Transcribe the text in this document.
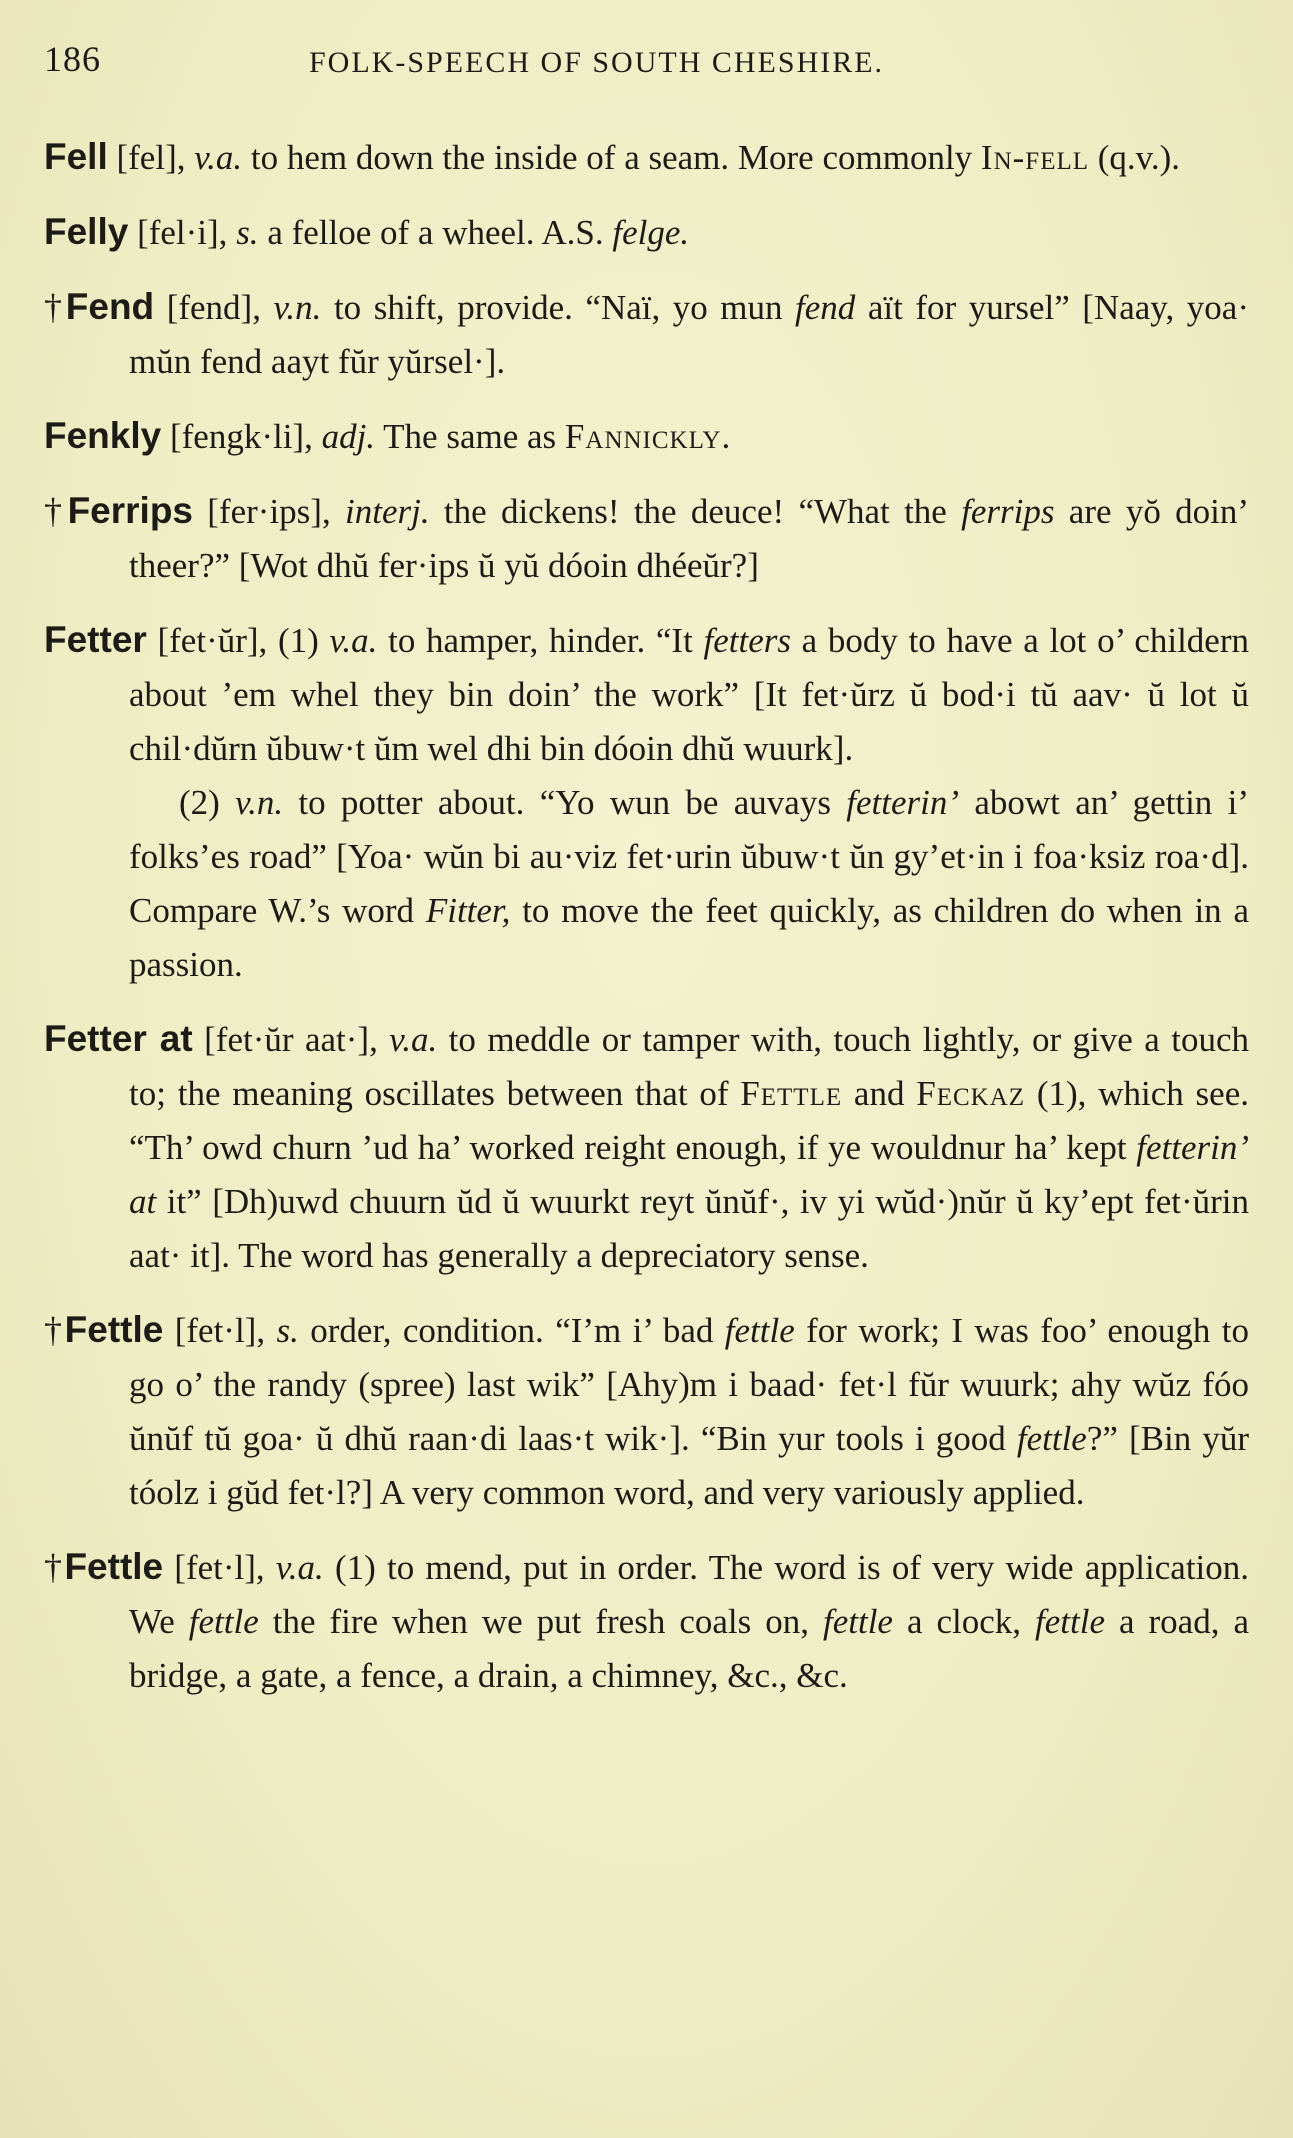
186	FOLK-SPEECH OF SOUTH CHESHIRE.

Fell [fel], v.a. to hem down the inside of a seam. More commonly In-fell (q.v.).

Felly [fel·i], s. a felloe of a wheel. A.S. felge.

†Fend [fend], v.n. to shift, provide. “Naï, yo mun fend aït for yursel” [Naay, yoa· mŭn fend aayt fŭr yŭrsel·].

Fenkly [fengk·li], adj. The same as Fannickly.

†Ferrips [fer·ips], interj. the dickens! the deuce! “What the ferrips are yŏ doin’ theer?” [Wot dhŭ fer·ips ŭ yŭ dóoin dhéeŭr?]

Fetter [fet·ŭr], (1) v.a. to hamper, hinder. “It fetters a body to have a lot o’ childern about ’em whel they bin doin’ the work” [It fet·ŭrz ŭ bod·i tŭ aav· ŭ lot ŭ chil·dŭrn ŭbuw·t ŭm wel dhi bin dóoin dhŭ wuurk].

(2) v.n. to potter about. “Yo wun be auvays fetterin’ abowt an’ gettin i’ folks’es road” [Yoa· wŭn bi au·viz fet·urin ŭbuw·t ŭn gy’et·in i foa·ksiz roa·d]. Compare W.’s word Fitter, to move the feet quickly, as children do when in a passion.

Fetter at [fet·ŭr aat·], v.a. to meddle or tamper with, touch lightly, or give a touch to; the meaning oscillates between that of Fettle and Feckaz (1), which see. “Th’ owd churn ’ud ha’ worked reight enough, if ye wouldnur ha’ kept fetterin’ at it” [Dh)uwd chuurn ŭd ŭ wuurkt reyt ŭnŭf·, iv yi wŭd·)nŭr ŭ ky’ept fet·ŭrin aat· it]. The word has generally a depreciatory sense.

†Fettle [fet·l], s. order, condition. “I’m i’ bad fettle for work; I was foo’ enough to go o’ the randy (spree) last wik” [Ahy)m i baad· fet·l fŭr wuurk; ahy wŭz fóo ŭnŭf tŭ goa· ŭ dhŭ raan·di laas·t wik·]. “Bin yur tools i good fettle?” [Bin yŭr tóolz i gŭd fet·l?] A very common word, and very variously applied.

†Fettle [fet·l], v.a. (1) to mend, put in order. The word is of very wide application. We fettle the fire when we put fresh coals on, fettle a clock, fettle a road, a bridge, a gate, a fence, a drain, a chimney, &c., &c.
